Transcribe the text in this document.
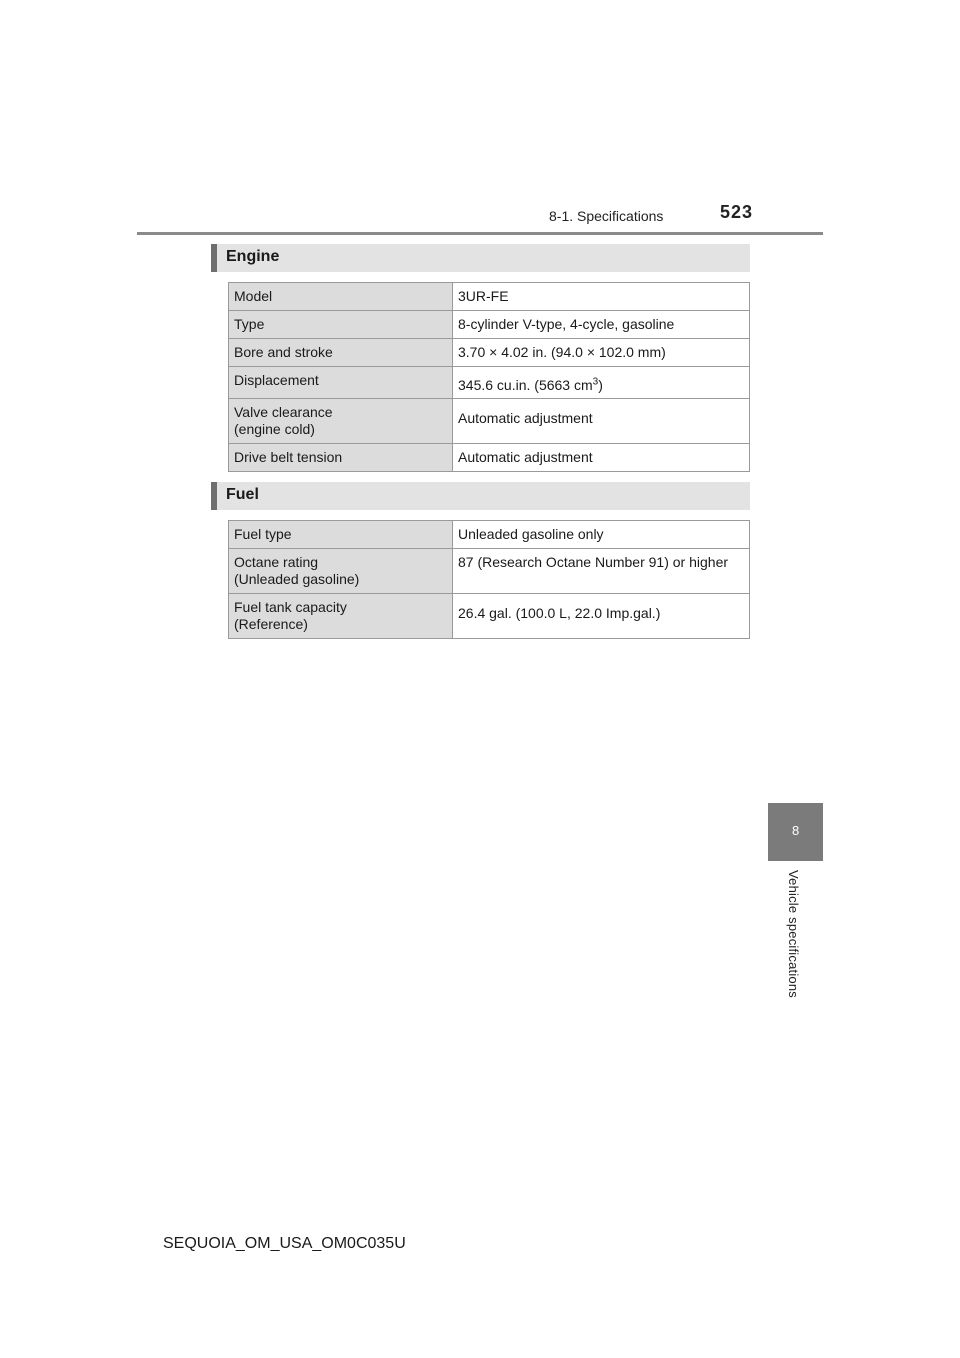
8-1. Specifications	523
Engine
Model	3UR-FE
Type	8-cylinder V-type, 4-cycle, gasoline
Bore and stroke	3.70 × 4.02 in. (94.0 × 102.0 mm)
Displacement	345.6 cu.in. (5663 $cm^3$)
Valve clearance
(engine cold)	Automatic adjustment
Drive belt tension	Automatic adjustment
Fuel
Fuel type	Unleaded gasoline only
Octane rating
(Unleaded gasoline)	87 (Research Octane Number 91) or higher
Fuel tank capacity
(Reference)	26.4 gal. (100.0 L, 22.0 Imp.gal.)
8
Vehicle specifications
SEQUOIA_OM_USA_OM0C035U
